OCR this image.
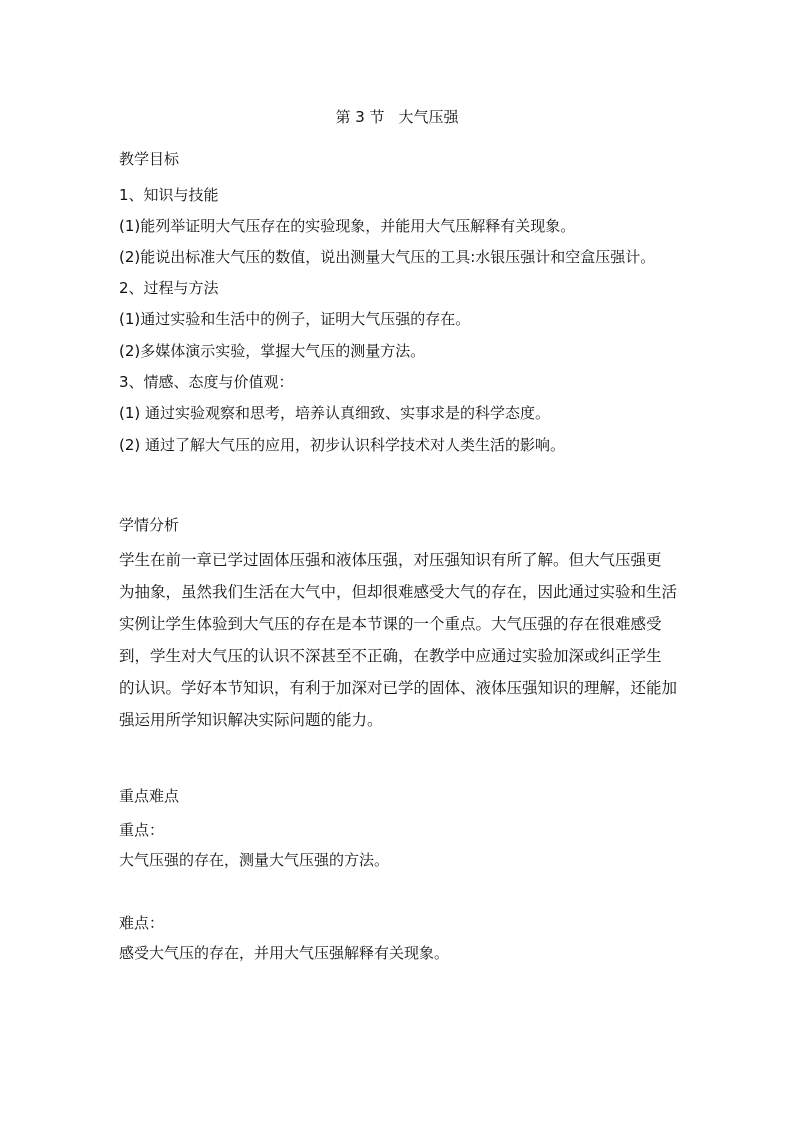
第 3 节 大气压强
教学目标
1、知识与技能
(1)能列举证明大气压存在的实验现象，并能用大气压解释有关现象。
(2)能说出标准大气压的数值，说出测量大气压的工具:水银压强计和空盒压强计。
2、过程与方法
(1)通过实验和生活中的例子，证明大气压强的存在。
(2)多媒体演示实验，掌握大气压的测量方法。
3、情感、态度与价值观：
(1) 通过实验观察和思考，培养认真细致、实事求是的科学态度。
(2) 通过了解大气压的应用，初步认识科学技术对人类生活的影响。
学情分析
学生在前一章已学过固体压强和液体压强，对压强知识有所了解。但大气压强更
为抽象，虽然我们生活在大气中，但却很难感受大气的存在，因此通过实验和生活
实例让学生体验到大气压的存在是本节课的一个重点。大气压强的存在很难感受
到，学生对大气压的认识不深甚至不正确，在教学中应通过实验加深或纠正学生
的认识。学好本节知识，有利于加深对已学的固体、液体压强知识的理解，还能加
强运用所学知识解决实际问题的能力。
重点难点
重点：
大气压强的存在，测量大气压强的方法。
难点：
感受大气压的存在，并用大气压强解释有关现象。
